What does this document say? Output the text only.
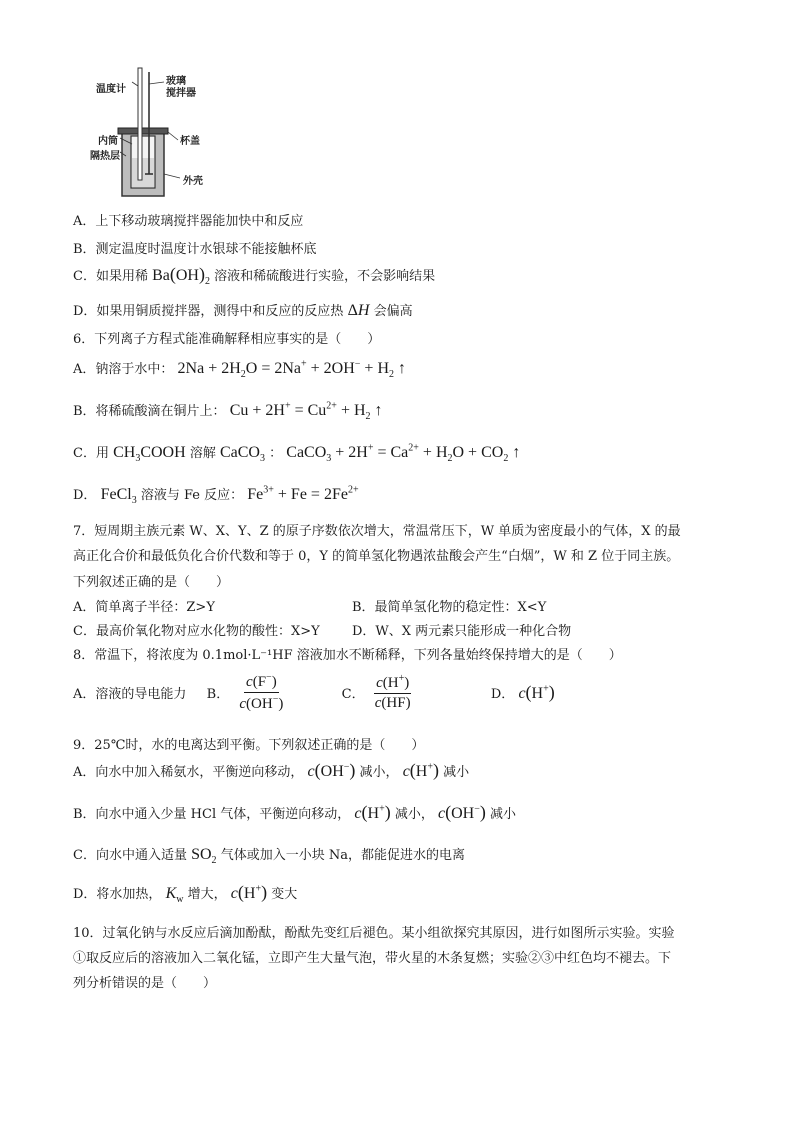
温度计
玻璃
搅拌器
内筒
隔热层
杯盖
外壳
A．上下移动玻璃搅拌器能加快中和反应
B．测定温度时温度计水银球不能接触杯底
C．如果用稀 $Ba(OH)_2$ 溶液和稀硫酸进行实验，不会影响结果
D．如果用铜质搅拌器，测得中和反应的反应热 ΔH 会偏高
6．下列离子方程式能准确解释相应事实的是（　　）
A．钠溶于水中： $2Na + 2H_2O = 2Na^+ + 2OH^- + H_2$ ↑
B．将稀硫酸滴在铜片上： $Cu + 2H^+ = Cu^{2+} + H_2$ ↑
C．用 $CH_3COOH$ 溶解 CaCO$_3$ ： CaCO$_3$ + $2H^+ = Ca^{2+} + H_2O + CO_2$ ↑
D． FeCl$_3$ 溶液与 Fe 反应： $Fe^{3+} + Fe = 2Fe^{2+}$
7．短周期主族元素 W、X、Y、Z 的原子序数依次增大，常温常压下，W 单质为密度最小的气体，X 的最
高正化合价和最低负化合价代数和等于 0，Y 的简单氢化物遇浓盐酸会产生“白烟”，W 和 Z 位于同主族。
下列叙述正确的是（　　）
A．简单离子半径：Z>Y	B．最简单氢化物的稳定性：X<Y
C．最高价氧化物对应水化物的酸性：X>Y D．W、X 两元素只能形成一种化合物
8．常温下，将浓度为 0.1mol·L⁻¹HF 溶液加水不断稀释，下列各量始终保持增大的是（　　）
A．溶液的导电能力 B． $\frac{c(F^-)}{c(OH^-)}$	C． $\frac{c(H^+)}{c(HF)}$	D． c(H+)
9．25℃时，水的电离达到平衡。下列叙述正确的是（　　）
A．向水中加入稀氨水，平衡逆向移动， c(OH−) 减小， c(H+) 减小
B．向水中通入少量 HCl 气体，平衡逆向移动， c(H+) 减小， c(OH−) 减小
C．向水中通入适量 $SO_2$ 气体或加入一小块 Na，都能促进水的电离
D．将水加热， $K_w$ 增大， c(H+) 变大
10．过氧化钠与水反应后滴加酚酞，酚酞先变红后褪色。某小组欲探究其原因，进行如图所示实验。实验
①取反应后的溶液加入二氧化锰，立即产生大量气泡，带火星的木条复燃；实验②③中红色均不褪去。下
列分析错误的是（　　）
